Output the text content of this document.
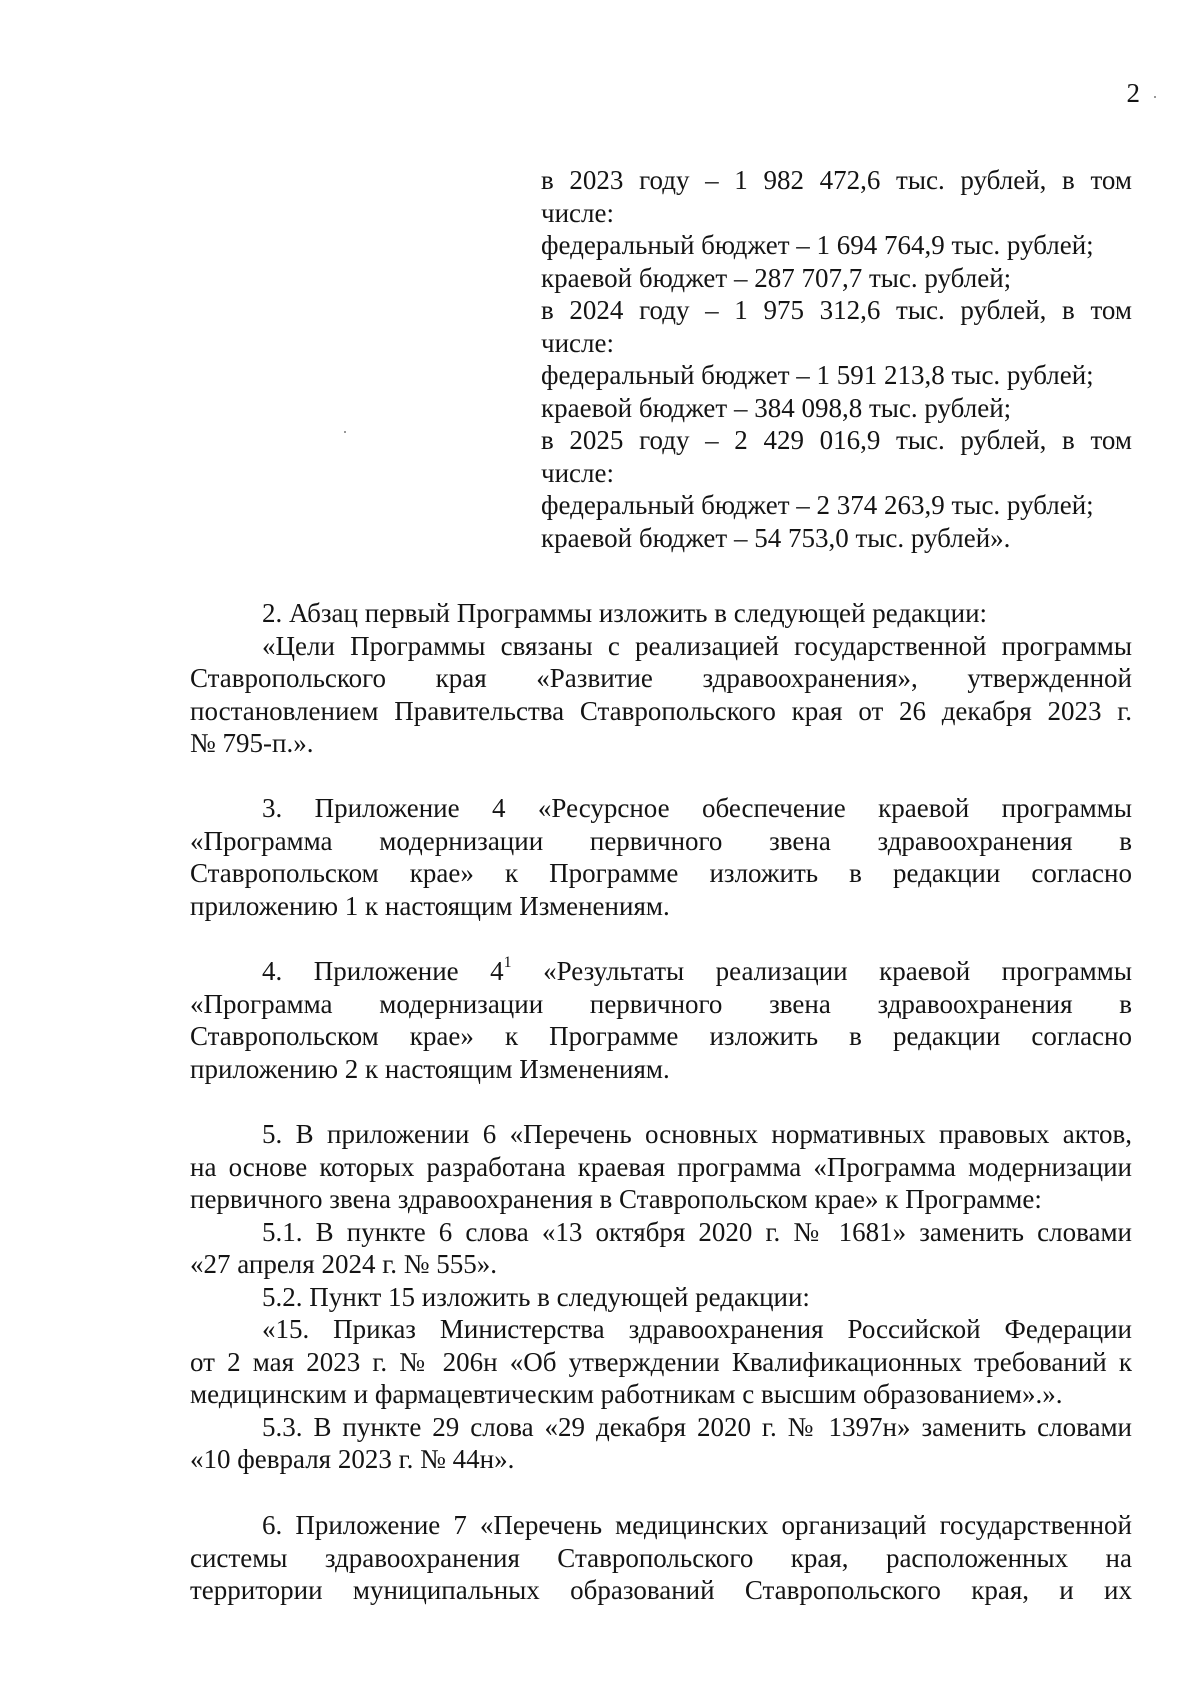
2
в 2023 году – 1 982 472,6 тыс. рублей, в том
числе:
федеральный бюджет – 1 694 764,9 тыс. рублей;
краевой бюджет – 287 707,7 тыс. рублей;
в 2024 году – 1 975 312,6 тыс. рублей, в том
числе:
федеральный бюджет – 1 591 213,8 тыс. рублей;
краевой бюджет – 384 098,8 тыс. рублей;
в 2025 году – 2 429 016,9 тыс. рублей, в том
числе:
федеральный бюджет – 2 374 263,9 тыс. рублей;
краевой бюджет – 54 753,0 тыс. рублей».
2. Абзац первый Программы изложить в следующей редакции:
«Цели Программы связаны с реализацией государственной программы
Ставропольского края «Развитие здравоохранения», утвержденной
постановлением Правительства Ставропольского края от 26 декабря 2023 г.
№ 795-п.».
3. Приложение 4 «Ресурсное обеспечение краевой программы
«Программа модернизации первичного звена здравоохранения в
Ставропольском крае» к Программе изложить в редакции согласно
приложению 1 к настоящим Изменениям.
4. Приложение $4^1$ «Результаты реализации краевой программы
«Программа модернизации первичного звена здравоохранения в
Ставропольском крае» к Программе изложить в редакции согласно
приложению 2 к настоящим Изменениям.
5. В приложении 6 «Перечень основных нормативных правовых актов,
на основе которых разработана краевая программа «Программа модернизации
первичного звена здравоохранения в Ставропольском крае» к Программе:
5.1. В пункте 6 слова «13 октября 2020 г. № 1681» заменить словами
«27 апреля 2024 г. № 555».
5.2. Пункт 15 изложить в следующей редакции:
«15. Приказ Министерства здравоохранения Российской Федерации
от 2 мая 2023 г. № 206н «Об утверждении Квалификационных требований к
медицинским и фармацевтическим работникам с высшим образованием».».
5.3. В пункте 29 слова «29 декабря 2020 г. № 1397н» заменить словами
«10 февраля 2023 г. № 44н».
6. Приложение 7 «Перечень медицинских организаций государственной
системы здравоохранения Ставропольского края, расположенных на
территории муниципальных образований Ставропольского края, и их
